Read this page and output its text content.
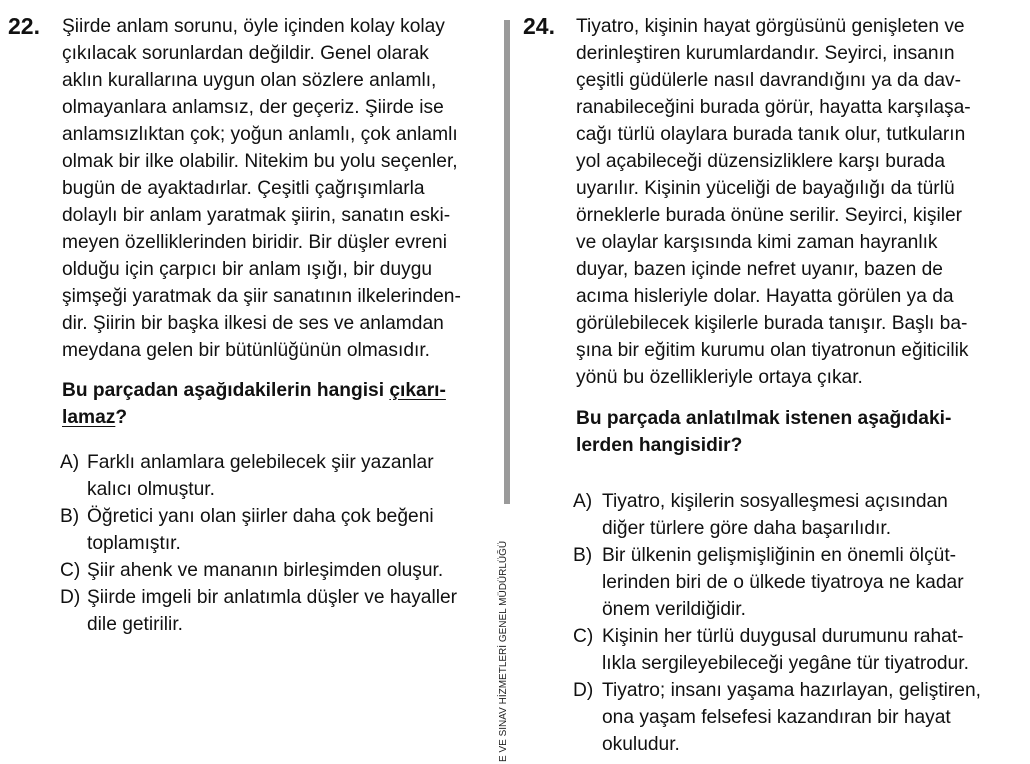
22. Şiirde anlam sorunu, öyle içinden kolay kolay
çıkılacak sorunlardan değildir. Genel olarak
aklın kurallarına uygun olan sözlere anlamlı,
olmayanlara anlamsız, der geçeriz. Şiirde ise
anlamsızlıktan çok; yoğun anlamlı, çok anlamlı
olmak bir ilke olabilir. Nitekim bu yolu seçenler,
bugün de ayaktadırlar. Çeşitli çağrışımlarla
dolaylı bir anlam yaratmak şiirin, sanatın eski-
meyen özelliklerinden biridir. Bir düşler evreni
olduğu için çarpıcı bir anlam ışığı, bir duygu
şimşeği yaratmak da şiir sanatının ilkelerinden-
dir. Şiirin bir başka ilkesi de ses ve anlamdan
meydana gelen bir bütünlüğünün olmasıdır.
Bu parçadan aşağıdakilerin hangisi çıkarı-
lamaz?
A) Farklı anlamlara gelebilecek şiir yazanlar
kalıcı olmuştur.
B) Öğretici yanı olan şiirler daha çok beğeni
toplamıştır.
C) Şiir ahenk ve mananın birleşimden oluşur.
D) Şiirde imgeli bir anlatımla düşler ve hayaller
dile getirilir.	E VE SINAV HİZMETLERİ GENEL MÜDÜRLÜĞÜ
24. Tiyatro, kişinin hayat görgüsünü genişleten ve
derinleştiren kurumlardandır. Seyirci, insanın
çeşitli güdülerle nasıl davrandığını ya da dav-
ranabileceğini burada görür, hayatta karşılaşa-
cağı türlü olaylara burada tanık olur, tutkuların
yol açabileceği düzensizliklere karşı burada
uyarılır. Kişinin yüceliği de bayağılığı da türlü
örneklerle burada önüne serilir. Seyirci, kişiler
ve olaylar karşısında kimi zaman hayranlık
duyar, bazen içinde nefret uyanır, bazen de
acıma hisleriyle dolar. Hayatta görülen ya da
görülebilecek kişilerle burada tanışır. Başlı ba-
şına bir eğitim kurumu olan tiyatronun eğiticilik
yönü bu özellikleriyle ortaya çıkar.
Bu parçada anlatılmak istenen aşağıdaki-
lerden hangisidir?
A) Tiyatro, kişilerin sosyalleşmesi açısından
diğer türlere göre daha başarılıdır.
B) Bir ülkenin gelişmişliğinin en önemli ölçüt-
lerinden biri de o ülkede tiyatroya ne kadar
önem verildiğidir.
C) Kişinin her türlü duygusal durumunu rahat-
lıkla sergileyebileceği yegâne tür tiyatrodur.
D) Tiyatro; insanı yaşama hazırlayan, geliştiren,
ona yaşam felsefesi kazandıran bir hayat
okuludur.
